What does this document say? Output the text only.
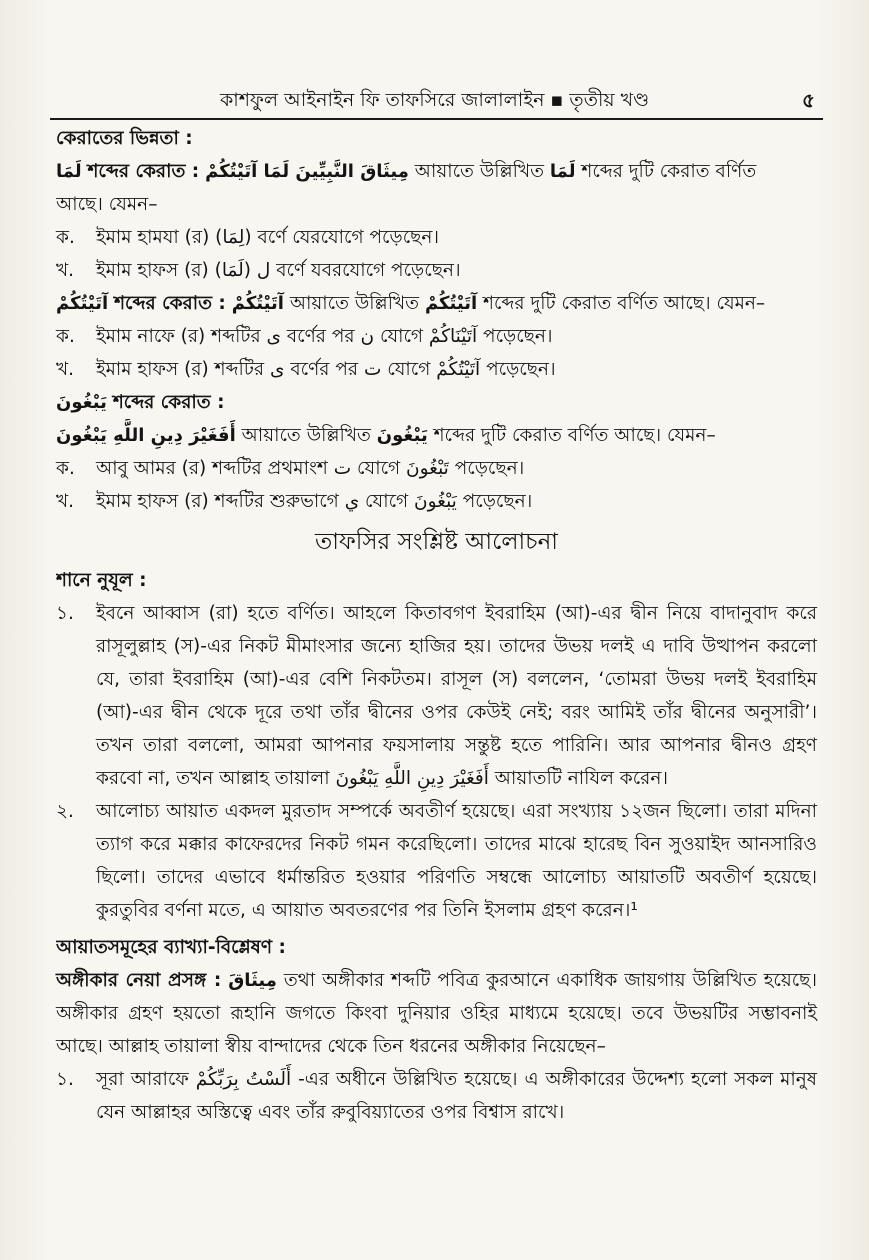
কাশফুল আইনাইন ফি তাফসিরে জালালাইন ▪ তৃতীয় খণ্ড	৫
কেরাতের ভিন্নতা :
لَمَا শব্দের কেরাত : مِيثَاقَ النَّبِيِّينَ لَمَا آتَيْتُكُمْ আয়াতে উল্লিখিত لَمَا শব্দের দুটি কেরাত বর্ণিত
আছে। যেমন–
ক.	ইমাম হামযা (র) (لِمَا) বর্ণে যেরযোগে পড়েছেন।
খ.	ইমাম হাফস (র) (لَمَا) ل বর্ণে যবরযোগে পড়েছেন।
آتَيْتُكُمْ শব্দের কেরাত : آتَيْتُكُمْ আয়াতে উল্লিখিত آتَيْتُكُمْ শব্দের দুটি কেরাত বর্ণিত আছে। যেমন–
ক.	ইমাম নাফে (র) শব্দটির ى বর্ণের পর ن যোগে آتَيْنَاكُمْ পড়েছেন।
খ.	ইমাম হাফস (র) শব্দটির ى বর্ণের পর ت যোগে آتَيْتُكُمْ পড়েছেন।
يَبْغُونَ শব্দের কেরাত :
أَفَغَيْرَ دِينِ اللَّهِ يَبْغُونَ আয়াতে উল্লিখিত يَبْغُونَ শব্দের দুটি কেরাত বর্ণিত আছে। যেমন–
ক.	আবু আমর (র) শব্দটির প্রথমাংশ ت যোগে تَبْغُونَ পড়েছেন।
খ.	ইমাম হাফস (র) শব্দটির শুরুভাগে ي যোগে يَبْغُونَ পড়েছেন।
তাফসির সংশ্লিষ্ট আলোচনা
শানে নুযূল :
১.	ইবনে আব্বাস (রা) হতে বর্ণিত। আহলে কিতাবগণ ইবরাহিম (আ)-এর দ্বীন নিয়ে বাদানুবাদ করে রাসূলুল্লাহ (স)-এর নিকট মীমাংসার জন্যে হাজির হয়। তাদের উভয় দলই এ দাবি উত্থাপন করলো যে, তারা ইবরাহিম (আ)-এর বেশি নিকটতম। রাসূল (স) বললেন, ‘তোমরা উভয় দলই ইবরাহিম (আ)-এর দ্বীন থেকে দূরে তথা তাঁর দ্বীনের ওপর কেউই নেই; বরং আমিই তাঁর দ্বীনের অনুসারী’। তখন তারা বললো, আমরা আপনার ফয়সালায় সন্তুষ্ট হতে পারিনি। আর আপনার দ্বীনও গ্রহণ করবো না, তখন আল্লাহ তায়ালা أَفَغَيْرَ دِينِ اللَّهِ يَبْغُونَ আয়াতটি নাযিল করেন।
২.	আলোচ্য আয়াত একদল মুরতাদ সম্পর্কে অবতীর্ণ হয়েছে। এরা সংখ্যায় ১২জন ছিলো। তারা মদিনা ত্যাগ করে মক্কার কাফেরদের নিকট গমন করেছিলো। তাদের মাঝে হারেছ বিন সুওয়াইদ আনসারিও ছিলো। তাদের এভাবে ধর্মান্তরিত হওয়ার পরিণতি সম্বন্ধে আলোচ্য আয়াতটি অবতীর্ণ হয়েছে। কুরতুবির বর্ণনা মতে, এ আয়াত অবতরণের পর তিনি ইসলাম গ্রহণ করেন।¹
আয়াতসমূহের ব্যাখ্যা-বিশ্লেষণ :
অঙ্গীকার নেয়া প্রসঙ্গ : مِيثَاقَ তথা অঙ্গীকার শব্দটি পবিত্র কুরআনে একাধিক জায়গায় উল্লিখিত হয়েছে। অঙ্গীকার গ্রহণ হয়তো রূহানি জগতে কিংবা দুনিয়ার ওহির মাধ্যমে হয়েছে। তবে উভয়টির সম্ভাবনাই আছে। আল্লাহ তায়ালা স্বীয় বান্দাদের থেকে তিন ধরনের অঙ্গীকার নিয়েছেন–
১.	সূরা আরাফে أَلَسْتُ بِرَبِّكُمْ -এর অধীনে উল্লিখিত হয়েছে। এ অঙ্গীকারের উদ্দেশ্য হলো সকল মানুষ যেন আল্লাহর অস্তিত্বে এবং তাঁর রুবুবিয়্যাতের ওপর বিশ্বাস রাখে।
